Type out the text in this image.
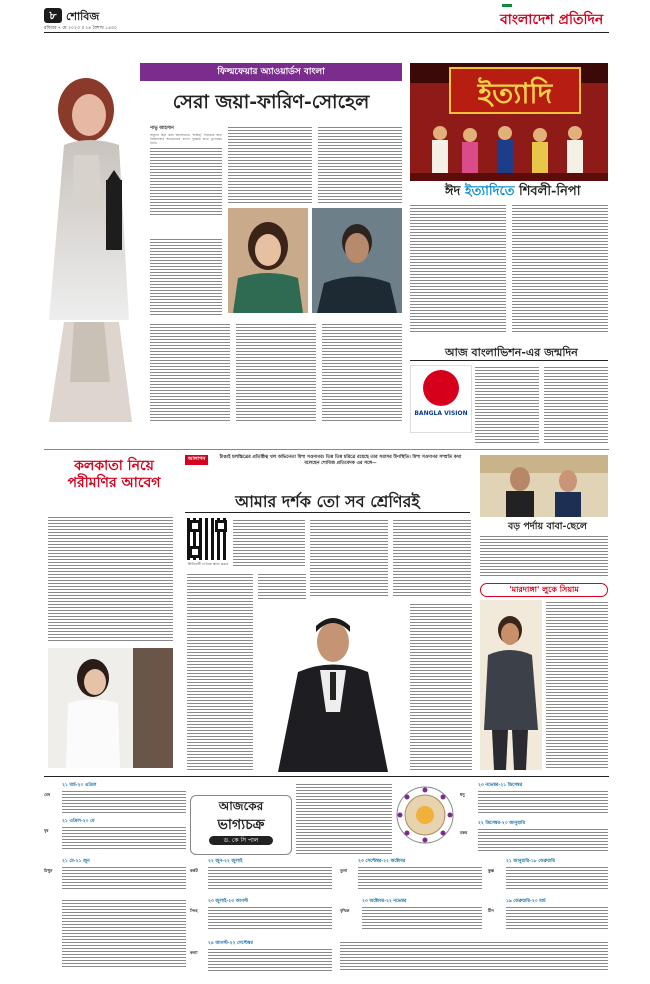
৮ শোবিজ
রবিবার ৭ মে ২০২৩ ॥ ২৪ বৈশাখ ১৪৩০
বাংলাদেশ প্রতিদিন
ফিল্মফেয়ার অ্যাওয়ার্ডস বাংলা
সেরা জয়া-ফারিণ-সোহেল
পাভু আহসান

অনুদান ছিল জয়া আহসানের। 'অস্তিত্ব' সিনেমার জন্য ফিল্মফেয়ার অ্যাওয়ার্ডস বাংলা পুরস্কার হাতে তুলেছেন তিনি।

ইত্যাদি
ঈদ ইত্যাদিতে শিবলী-নিপা
আজ বাংলাভিশন-এর জন্মদিন
BANGLA VISION
কলকাতা নিয়ে পরীমণির আবেগ
আলাপন	টাঙাই চলচ্চিত্রের প্রতিষ্ঠিত্ব খল অভিনেতা মিশা সওদাগর। তিন্ন তিন্ন চরিত্রে রয়েছে তার সরাসর উপস্থিতি। মিশা সওদাগর সম্প্রতি কথা বলেছেন শোবিজ প্রতিবেদক এর সঙ্গে—
আমার দর্শক তো সব শ্রেণিরই
ভিডিওটি দেখতে স্ক্যান করুন
বড় পর্দায় বাবা-ছেলে
'মারদাঙ্গা' লুকে সিয়াম
আজকের
ভাগ্যচক্র
ড. কে সি পাল
মেষ
২১ মার্চ-২০ এপ্রিল
বৃষ
২১ এপ্রিল-২০ মে
মিথুন
২১ মে-২১ জুন
কর্কট
২২ জুন-২২ জুলাই
সিংহ
২৩ জুলাই-২৩ আগস্ট
কন্যা
২৪ আগস্ট-২২ সেপ্টেম্বর
তুলা
২৩ সেপ্টেম্বর-২২ অক্টোবর
বৃশ্চিক
২৩ অক্টোবর-২২ নভেম্বর
ধনু
২৩ নভেম্বর-২১ ডিসেম্বর
মকর
২২ ডিসেম্বর-২০ জানুয়ারি
কুম্ভ
২১ জানুয়ারি-১৮ ফেব্রুয়ারি
মীন
১৯ ফেব্রুয়ারি-২০ মার্চ
